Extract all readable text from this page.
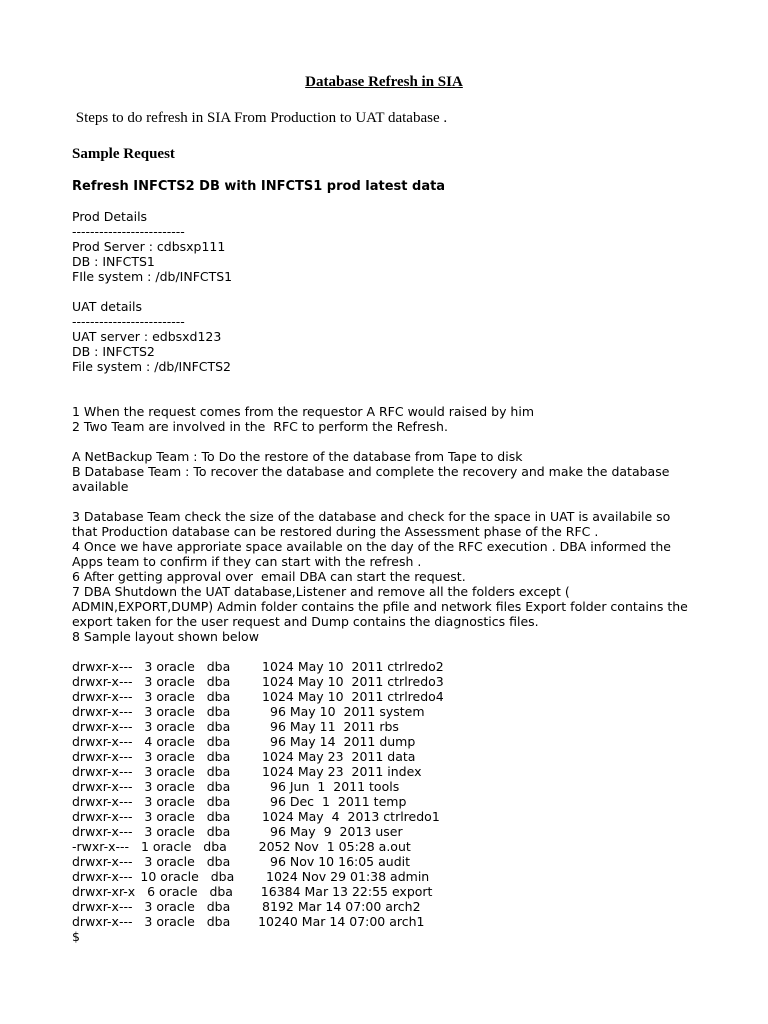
Database Refresh in SIA
Steps to do refresh in SIA From Production to UAT database .
Sample Request
Refresh INFCTS2 DB with INFCTS1 prod latest data
Prod Details
-------------------------
Prod Server : cdbsxp111
DB : INFCTS1
FIle system : /db/INFCTS1
UAT details
-------------------------
UAT server : edbsxd123
DB : INFCTS2
File system : /db/INFCTS2
1 When the request comes from the requestor A RFC would raised by him
2 Two Team are involved in the  RFC to perform the Refresh.
A NetBackup Team : To Do the restore of the database from Tape to disk
B Database Team : To recover the database and complete the recovery and make the database available
3 Database Team check the size of the database and check for the space in UAT is availabile so that Production database can be restored during the Assessment phase of the RFC .
4 Once we have approriate space available on the day of the RFC execution . DBA informed the Apps team to confirm if they can start with the refresh .
6 After getting approval over  email DBA can start the request.
7 DBA Shutdown the UAT database,Listener and remove all the folders except ( ADMIN,EXPORT,DUMP) Admin folder contains the pfile and network files Export folder contains the export taken for the user request and Dump contains the diagnostics files.
8 Sample layout shown below
drwxr-x---   3 oracle   dba        1024 May 10  2011 ctrlredo2
drwxr-x---   3 oracle   dba        1024 May 10  2011 ctrlredo3
drwxr-x---   3 oracle   dba        1024 May 10  2011 ctrlredo4
drwxr-x---   3 oracle   dba          96 May 10  2011 system
drwxr-x---   3 oracle   dba          96 May 11  2011 rbs
drwxr-x---   4 oracle   dba          96 May 14  2011 dump
drwxr-x---   3 oracle   dba        1024 May 23  2011 data
drwxr-x---   3 oracle   dba        1024 May 23  2011 index
drwxr-x---   3 oracle   dba          96 Jun  1  2011 tools
drwxr-x---   3 oracle   dba          96 Dec  1  2011 temp
drwxr-x---   3 oracle   dba        1024 May  4  2013 ctrlredo1
drwxr-x---   3 oracle   dba          96 May  9  2013 user
-rwxr-x---   1 oracle   dba        2052 Nov  1 05:28 a.out
drwxr-x---   3 oracle   dba          96 Nov 10 16:05 audit
drwxr-x---  10 oracle   dba        1024 Nov 29 01:38 admin
drwxr-xr-x   6 oracle   dba       16384 Mar 13 22:55 export
drwxr-x---   3 oracle   dba        8192 Mar 14 07:00 arch2
drwxr-x---   3 oracle   dba       10240 Mar 14 07:00 arch1
$
